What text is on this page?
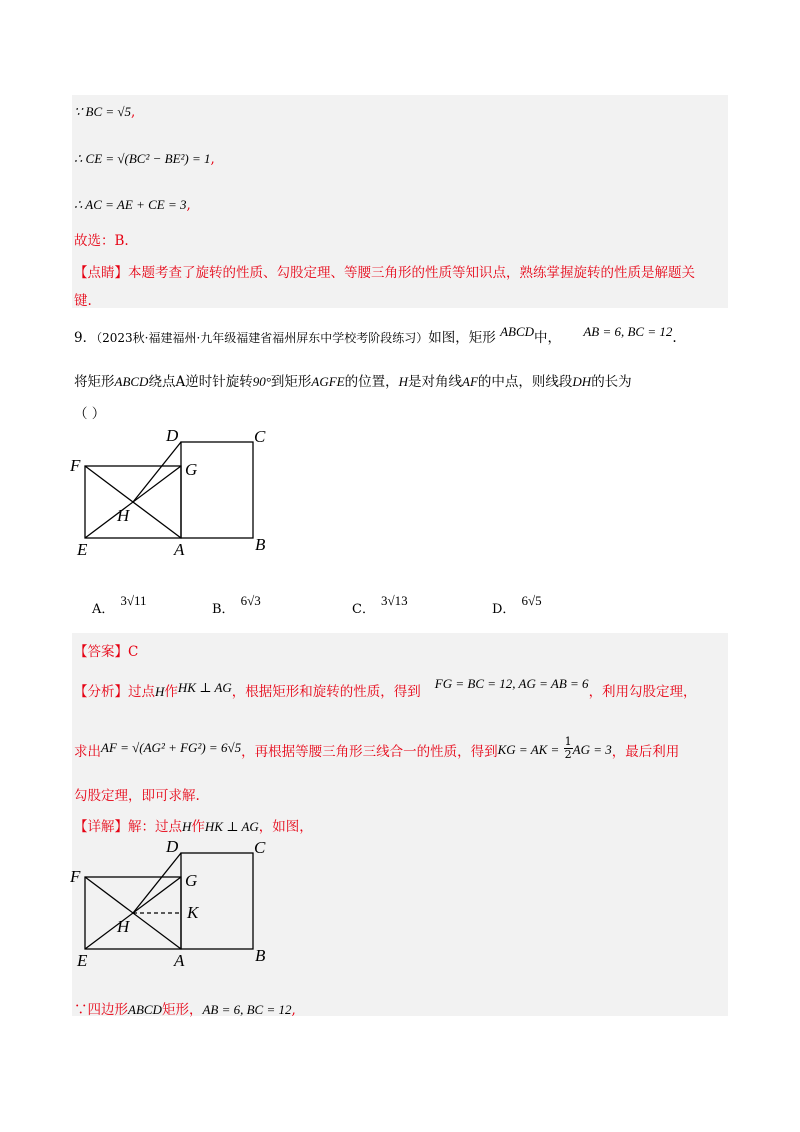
∵ BC = √5,
∴ CE = √(BC² − BE²) = 1,
∴ AC = AE + CE = 3,
故选：B.
【点睛】本题考查了旋转的性质、勾股定理、等腰三角形的性质等知识点，熟练掌握旋转的性质是解题关
键.
9．（2023秋·福建福州·九年级福建省福州屏东中学校考阶段练习）如图，矩形 ABCD中， AB = 6, BC = 12.
将矩形ABCD绕点A逆时针旋转90°到矩形AGFE的位置，H是对角线AF的中点，则线段DH的长为
（ ）
F
D	C
G
H
E	A	B
A．3√11
B．6√3
C．3√13
D．6√5
【答案】C
【分析】过点H作HK ⊥ AG，根据矩形和旋转的性质，得到FG = BC = 12, AG = AB = 6，利用勾股定理，
求出AF = √(AG² + FG²) = 6√5，再根据等腰三角形三线合一的性质，得到KG = AK = $\frac{1}{2}$ AG = 3，最后利用
勾股定理，即可求解.
【详解】解：过点H作HK ⊥ AG，如图，
F
D	C
G
K
H
E	A	B
∵四边形ABCD矩形，AB = 6, BC = 12,
